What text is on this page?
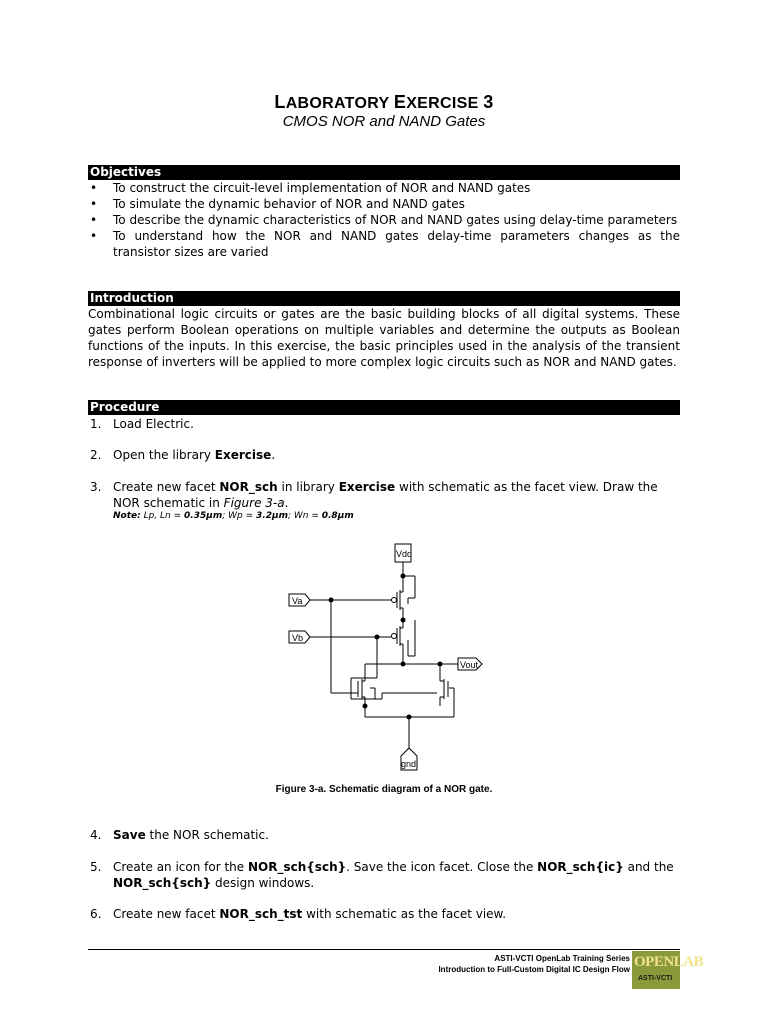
LABORATORY EXERCISE 3
CMOS NOR and NAND Gates
Objectives
• To construct the circuit-level implementation of NOR and NAND gates
• To simulate the dynamic behavior of NOR and NAND gates
• To describe the dynamic characteristics of NOR and NAND gates using delay-time parameters
• To understand how the NOR and NAND gates delay-time parameters changes as the transistor sizes are varied
Introduction

Combinational logic circuits or gates are the basic building blocks of all digital systems. These gates perform Boolean operations on multiple variables and determine the outputs as Boolean functions of the inputs. In this exercise, the basic principles used in the analysis of the transient response of inverters will be applied to more complex logic circuits such as NOR and NAND gates.

Procedure
1. Load Electric.
2. Open the library Exercise.
3. Create new facet NOR_sch in library Exercise with schematic as the facet view. Draw the NOR schematic in Figure 3-a.
Note: Lp, Ln = 0.35μm; Wp = 3.2μm; Wn = 0.8μm
Vdd
Va
Vb
Vout
gnd
Figure 3-a. Schematic diagram of a NOR gate.
4. Save the NOR schematic.
5. Create an icon for the NOR_sch{sch}. Save the icon facet. Close the NOR_sch{ic} and the NOR_sch{sch} design windows.
6. Create new facet NOR_sch_tst with schematic as the facet view.
ASTI-VCTI OpenLab Training Series
Introduction to Full-Custom Digital IC Design Flow OPENLAB
ASTI-VCTI
